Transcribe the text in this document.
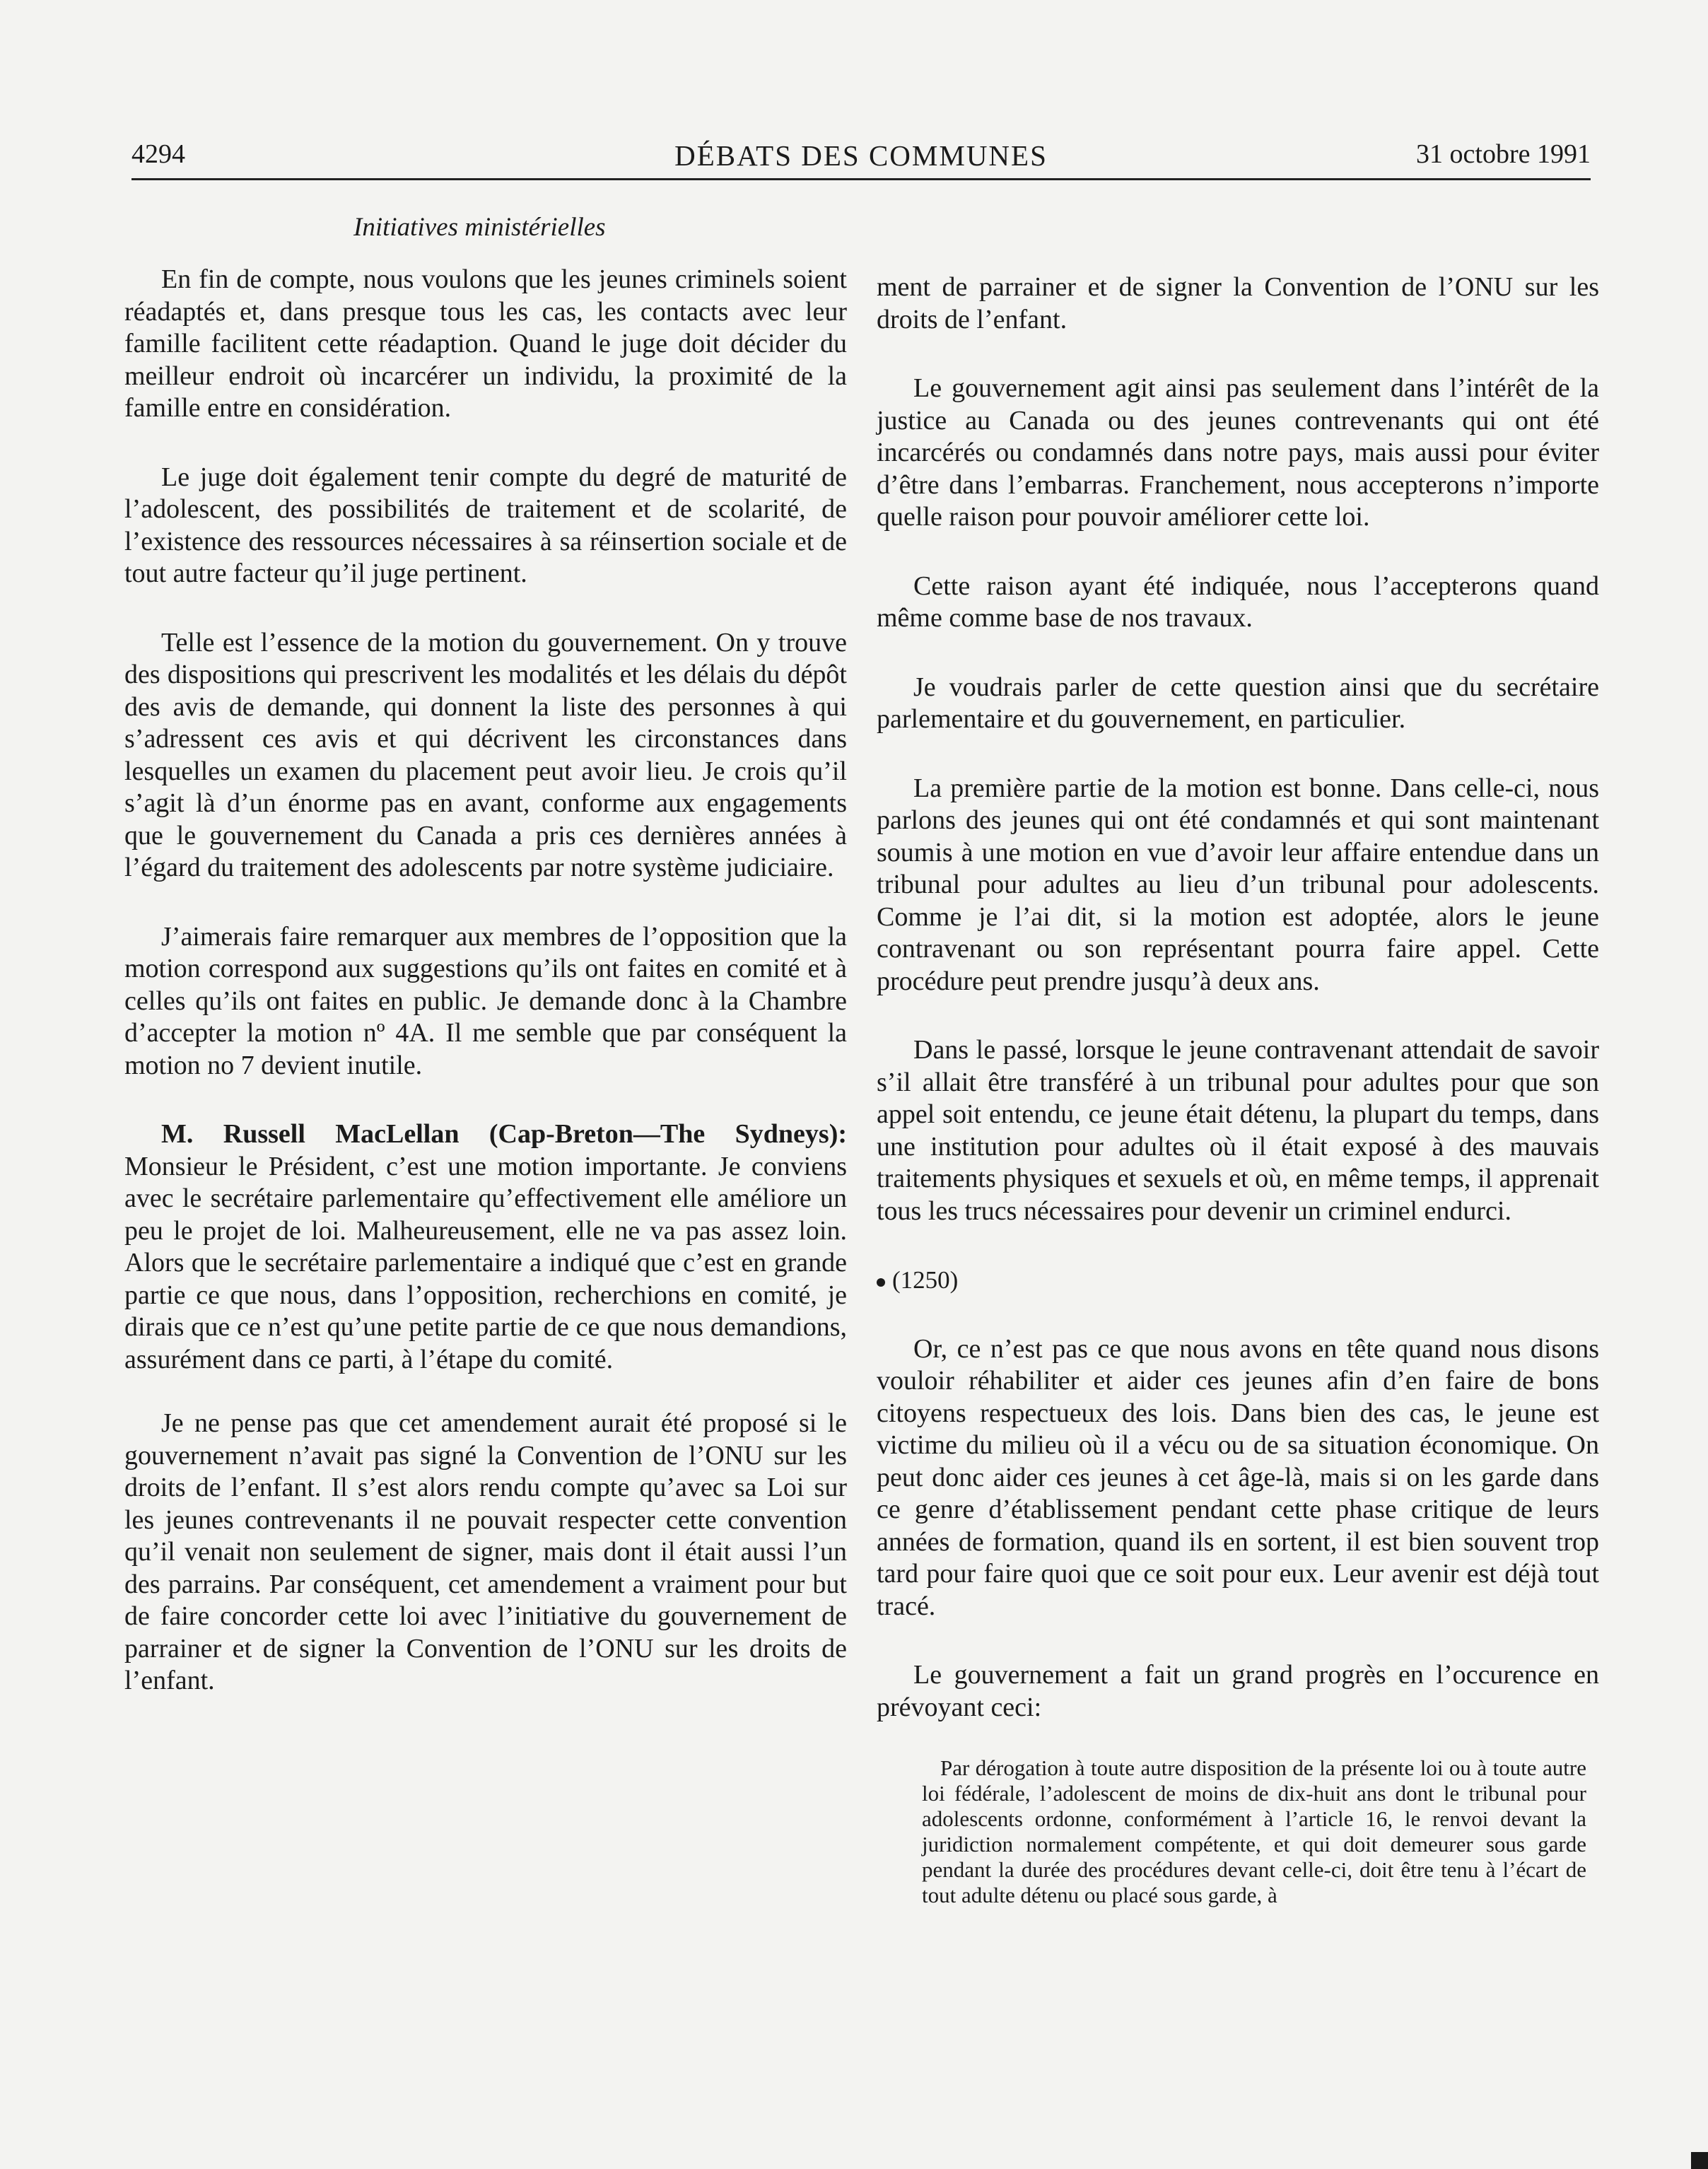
4294	DÉBATS DES COMMUNES	31 octobre 1991
Initiatives ministérielles

En fin de compte, nous voulons que les jeunes criminels soient réadaptés et, dans presque tous les cas, les contacts avec leur famille facilitent cette réadaption. Quand le juge doit décider du meilleur endroit où incarcérer un individu, la proximité de la famille entre en considération.

Le juge doit également tenir compte du degré de maturité de l’adolescent, des possibilités de traitement et de scolarité, de l’existence des ressources nécessaires à sa réinsertion sociale et de tout autre facteur qu’il juge pertinent.

Telle est l’essence de la motion du gouvernement. On y trouve des dispositions qui prescrivent les modalités et les délais du dépôt des avis de demande, qui donnent la liste des personnes à qui s’adressent ces avis et qui décrivent les circonstances dans lesquelles un examen du placement peut avoir lieu. Je crois qu’il s’agit là d’un énorme pas en avant, conforme aux engagements que le gouvernement du Canada a pris ces dernières années à l’égard du traitement des adolescents par notre système judiciaire.

J’aimerais faire remarquer aux membres de l’opposition que la motion correspond aux suggestions qu’ils ont faites en comité et à celles qu’ils ont faites en public. Je demande donc à la Chambre d’accepter la motion nº 4A. Il me semble que par conséquent la motion no 7 devient inutile.

M. Russell MacLellan (Cap-Breton—The Sydneys): Monsieur le Président, c’est une motion importante. Je conviens avec le secrétaire parlementaire qu’effectivement elle améliore un peu le projet de loi. Malheureusement, elle ne va pas assez loin. Alors que le secrétaire parlementaire a indiqué que c’est en grande partie ce que nous, dans l’opposition, recherchions en comité, je dirais que ce n’est qu’une petite partie de ce que nous demandions, assurément dans ce parti, à l’étape du comité.

Je ne pense pas que cet amendement aurait été proposé si le gouvernement n’avait pas signé la Convention de l’ONU sur les droits de l’enfant. Il s’est alors rendu compte qu’avec sa Loi sur les jeunes contrevenants il ne pouvait respecter cette convention qu’il venait non seulement de signer, mais dont il était aussi l’un des parrains. Par conséquent, cet amendement a vraiment pour but de faire concorder cette loi avec l’initiative du gouvernement de parrainer et de signer la Convention de l’ONU sur les droits de l’enfant.

ment de parrainer et de signer la Convention de l’ONU sur les droits de l’enfant.

Le gouvernement agit ainsi pas seulement dans l’intérêt de la justice au Canada ou des jeunes contrevenants qui ont été incarcérés ou condamnés dans notre pays, mais aussi pour éviter d’être dans l’embarras. Franchement, nous accepterons n’importe quelle raison pour pouvoir améliorer cette loi.

Cette raison ayant été indiquée, nous l’accepterons quand même comme base de nos travaux.

Je voudrais parler de cette question ainsi que du secrétaire parlementaire et du gouvernement, en particulier.

La première partie de la motion est bonne. Dans celle-ci, nous parlons des jeunes qui ont été condamnés et qui sont maintenant soumis à une motion en vue d’avoir leur affaire entendue dans un tribunal pour adultes au lieu d’un tribunal pour adolescents. Comme je l’ai dit, si la motion est adoptée, alors le jeune contravenant ou son représentant pourra faire appel. Cette procédure peut prendre jusqu’à deux ans.

Dans le passé, lorsque le jeune contravenant attendait de savoir s’il allait être transféré à un tribunal pour adultes pour que son appel soit entendu, ce jeune était détenu, la plupart du temps, dans une institution pour adultes où il était exposé à des mauvais traitements physiques et sexuels et où, en même temps, il apprenait tous les trucs nécessaires pour devenir un criminel endurci.

(1250)

Or, ce n’est pas ce que nous avons en tête quand nous disons vouloir réhabiliter et aider ces jeunes afin d’en faire de bons citoyens respectueux des lois. Dans bien des cas, le jeune est victime du milieu où il a vécu ou de sa situation économique. On peut donc aider ces jeunes à cet âge-là, mais si on les garde dans ce genre d’établissement pendant cette phase critique de leurs années de formation, quand ils en sortent, il est bien souvent trop tard pour faire quoi que ce soit pour eux. Leur avenir est déjà tout tracé.

Le gouvernement a fait un grand progrès en l’occurence en prévoyant ceci:

Par dérogation à toute autre disposition de la présente loi ou à toute autre loi fédérale, l’adolescent de moins de dix-huit ans dont le tribunal pour adolescents ordonne, conformément à l’article 16, le renvoi devant la juridiction normalement compétente, et qui doit demeurer sous garde pendant la durée des procédures devant celle-ci, doit être tenu à l’écart de tout adulte détenu ou placé sous garde, à
